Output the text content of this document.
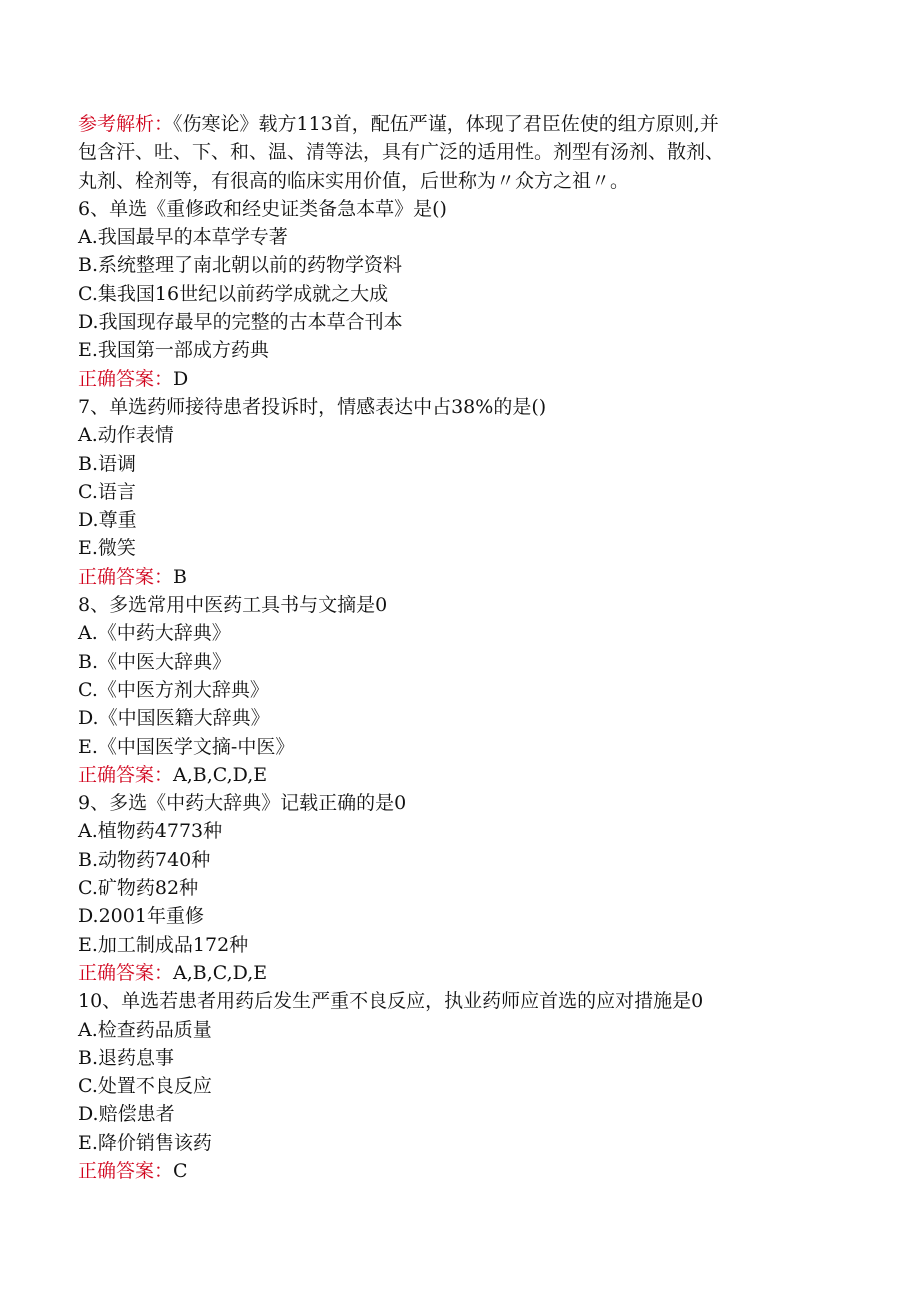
参考解析：《伤寒论》载方113首，配伍严谨，体现了君臣佐使的组方原则,并
包含汗、吐、下、和、温、清等法，具有广泛的适用性。剂型有汤剂、散剂、
丸剂、栓剂等，有很高的临床实用价值，后世称为〃众方之祖〃。
6、单选《重修政和经史证类备急本草》是()
A.我国最早的本草学专著
B.系统整理了南北朝以前的药物学资料
C.集我国16世纪以前药学成就之大成
D.我国现存最早的完整的古本草合刊本
E.我国第一部成方药典
正确答案：D
7、单选药师接待患者投诉时，情感表达中占38%的是()
A.动作表情
B.语调
C.语言
D.尊重
E.微笑
正确答案：B
8、多选常用中医药工具书与文摘是0
A.《中药大辞典》
B.《中医大辞典》
C.《中医方剂大辞典》
D.《中国医籍大辞典》
E.《中国医学文摘-中医》
正确答案：A,B,C,D,E
9、多选《中药大辞典》记载正确的是0
A.植物药4773种
B.动物药740种
C.矿物药82种
D.2001年重修
E.加工制成品172种
正确答案：A,B,C,D,E
10、单选若患者用药后发生严重不良反应，执业药师应首选的应对措施是0
A.检查药品质量
B.退药息事
C.处置不良反应
D.赔偿患者
E.降价销售该药
正确答案：C
